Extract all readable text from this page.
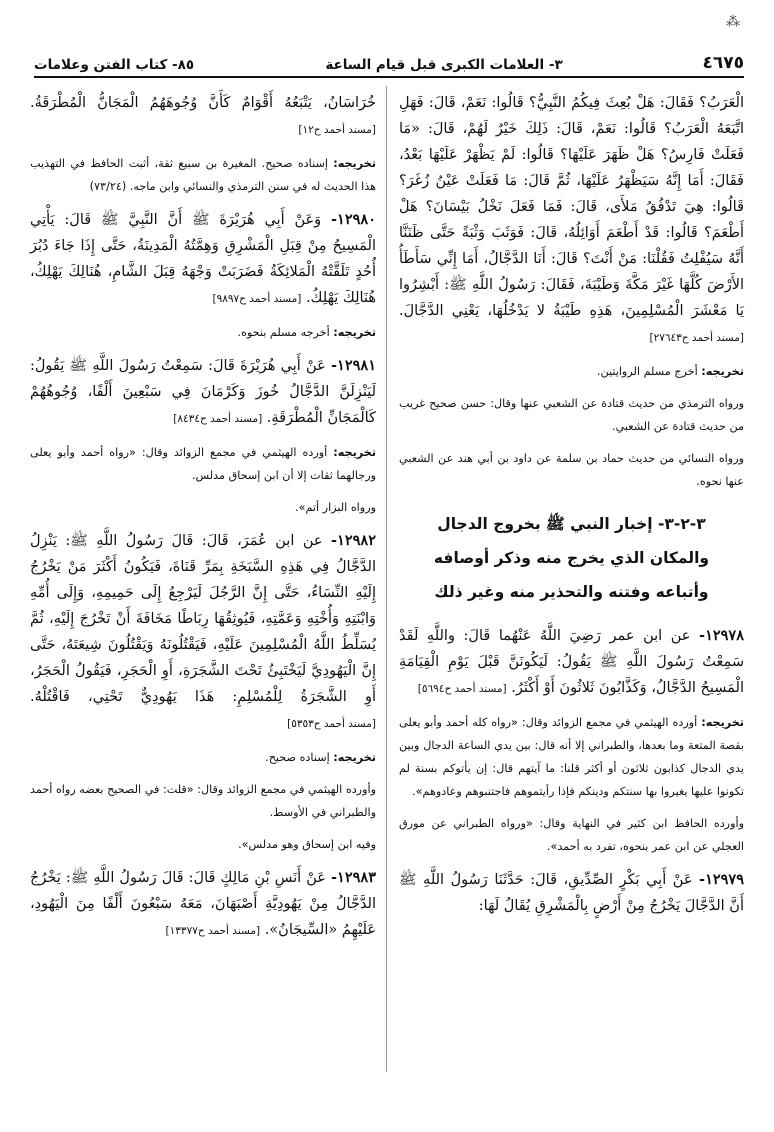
⁂
٤٦٧٥
٣- العلامات الكبرى قبل قيام الساعة
٨٥- كتاب الفتن وعلامات

الْعَرَبُ؟ فَقَالَ: هَلْ بُعِثَ فِيكُمُ النَّبِيُّ؟ قَالُوا: نَعَمْ، قَالَ: فَهَلِ اتَّبَعَهُ الْعَرَبُ؟ قَالُوا: نَعَمْ، قَالَ: ذَلِكَ خَيْرٌ لَهُمْ، قَالَ: «مَا فَعَلَتْ فَارِسُ؟ هَلْ ظَهَرَ عَلَيْهَا؟ قَالُوا: لَمْ يَظْهَرْ عَلَيْهَا بَعْدُ، فَقَالَ: أَمَا إِنَّهُ سَيَظْهَرُ عَلَيْهَا، ثُمَّ قَالَ: مَا فَعَلَتْ عَيْنُ زُغَرَ؟ قَالُوا: هِيَ تَدْفُقُ مَلأَى، قَالَ: فَمَا فَعَلَ نَخْلُ بَيْسَانَ؟ هَلْ أَطْعَمَ؟ قَالُوا: قَدْ أَطْعَمَ أَوَائِلُهُ، قَالَ: فَوَثَبَ وَثْبَةً حَتَّى ظَنَنَّا أَنَّهُ سَيُفْلِتُ فَقُلْنَا: مَنْ أَنْتَ؟ قَالَ: أَنَا الدَّجَّالُ، أَمَا إِنِّي سَأَطَأُ الأَرْضَ كُلَّهَا غَيْرَ مَكَّةَ وَطَيْبَةَ، فَقَالَ: رَسُولُ اللَّهِ ﷺ: أَبْشِرُوا يَا مَعْشَرَ الْمُسْلِمِينَ، هَذِهِ طَيْبَةُ لا يَدْخُلُهَا، يَعْنِي الدَّجَّالَ. [مسند أحمد ح٢٧٦٤٣]

تخريجه: أخرج مسلم الروايتين.

ورواه الترمذي من حديث قتادة عن الشعبي عنها وقال: حسن صحيح غريب من حديث قتادة عن الشعبي.

ورواه النسائي من حديث حماد بن سلمة عن داود بن أبي هند عن الشعبي عنها نحوه.

٣-٢-٣- إخبار النبي ﷺ بخروج الدجال
والمكان الذي يخرج منه وذكر أوصافه
وأتباعه وفتنه والتحذير منه وغير ذلك

١٢٩٧٨- عن ابن عمر رَضِيَ اللَّهُ عَنْهُما قَالَ: واللَّهِ لَقَدْ سَمِعْتُ رَسُولَ اللَّهِ ﷺ يَقُولُ: لَيَكُونَنَّ قَبْلَ يَوْمِ الْقِيَامَةِ الْمَسِيحُ الدَّجَّالُ، وَكَذَّابُونَ ثَلاثُونَ أَوْ أَكْثَرُ. [مسند أحمد ح٥٦٩٤]

تخريجه: أورده الهيثمي في مجمع الزوائد وقال: «رواه كله أحمد وأبو يعلى بقصة المتعة وما بعدها، والطبراني إلا أنه قال: بين يدي الساعة الدجال وبين يدي الدجال كذابون ثلاثون أو أكثر قلنا: ما آيتهم قال: إن يأتوكم بسنة لم تكونوا عليها يغيروا بها سنتكم ودينكم فإذا رأيتموهم فاجتنبوهم وعادوهم».

وأورده الحافظ ابن كثير في النهاية وقال: «ورواه الطبراني عن مورق العجلي عن ابن عمر بنحوه، تفرد به أحمد».

١٢٩٧٩- عَنْ أَبِي بَكْرٍ الصِّدِّيقِ، قَالَ: حَدَّثَنَا رَسُولُ اللَّهِ ﷺ أَنَّ الدَّجَّالَ يَخْرُجُ مِنْ أَرْضٍ بِالْمَشْرِقِ يُقَالُ لَهَا:

خُرَاسَانُ، يَتْبَعُهُ أَقْوَامٌ كَأَنَّ وُجُوهَهُمُ الْمَجَانُّ الْمُطْرَقَةُ. [مسند أحمد ح١٢]

تخريجه: إسناده صحيح. المغيرة بن سبيع ثقة، أثبت الحافظ في التهذيب هذا الحديث له في سنن الترمذي والنسائي وابن ماجه. (٧٣/٢٤)

١٢٩٨٠- وَعَنْ أَبِي هُرَيْرَةَ ﷺ أَنَّ النَّبِيَّ ﷺ قَالَ: يَأْتِي الْمَسِيحُ مِنْ قِبَلِ الْمَشْرِقِ وَهِمَّتُهُ الْمَدِينَةُ، حَتَّى إِذَا جَاءَ دُبُرَ أُحُدٍ تَلَقَّتْهُ الْمَلائِكَةُ فَضَرَبَتْ وَجْهَهُ قِبَلَ الشَّامِ، هُنَالِكَ يَهْلِكُ، هُنَالِكَ يَهْلِكُ. [مسند أحمد ح٩٨٩٧]

تخريجه: أخرجه مسلم بنحوه.

١٢٩٨١- عَنْ أَبِي هُرَيْرَةَ قَالَ: سَمِعْتُ رَسُولَ اللَّهِ ﷺ يَقُولُ: لَيَنْزِلَنَّ الدَّجَّالُ خُوزَ وَكَرْمَانَ فِي سَبْعِينَ أَلْفًا، وُجُوهُهُمْ كَالْمَجَانِّ الْمُطْرَقَةِ. [مسند أحمد ح٨٤٣٤]

تخريجه: أورده الهيثمي في مجمع الزوائد وقال: «رواه أحمد وأبو يعلى ورجالهما ثقات إلا أن ابن إسحاق مدلس.

ورواه البزار أتم».

١٢٩٨٢- عن ابن عُمَرَ، قَالَ: قَالَ رَسُولُ اللَّهِ ﷺ: يَنْزِلُ الدَّجَّالُ فِي هَذِهِ السَّبَخَةِ بِمَرِّ قَنَاةَ، فَيَكُونُ أَكْثَرَ مَنْ يَخْرُجُ إِلَيْهِ النِّسَاءُ، حَتَّى إِنَّ الرَّجُلَ لَيَرْجِعُ إِلَى حَمِيمِهِ، وَإِلَى أُمِّهِ وَابْنَتِهِ وَأُخْتِهِ وَعَمَّتِهِ، فَيُوثِقُهَا رِبَاطًا مَخَافَةَ أَنْ تَخْرُجَ إِلَيْهِ، ثُمَّ يُسَلِّطُ اللَّهُ الْمُسْلِمِينَ عَلَيْهِ، فَيَقْتُلُونَهُ وَيَقْتُلُونَ شِيعَتَهُ، حَتَّى إِنَّ الْيَهُودِيَّ لَيَخْتَبِئُ تَحْتَ الشَّجَرَةِ، أَوِ الْحَجَرِ، فَيَقُولُ الْحَجَرُ، أَوِ الشَّجَرَةُ لِلْمُسْلِمِ: هَذَا يَهُودِيٌّ تَحْتِي، فَاقْتُلْهُ. [مسند أحمد ح٥٣٥٣]

تخريجه: إسناده صحيح.

وأورده الهيثمي في مجمع الزوائد وقال: «قلت: في الصحيح بعضه رواه أحمد والطبراني في الأوسط.

وفيه ابن إسحاق وهو مدلس».

١٢٩٨٣- عَنْ أَنَسِ بْنِ مَالِكٍ قَالَ: قَالَ رَسُولُ اللَّهِ ﷺ: يَخْرُجُ الدَّجَّالُ مِنْ يَهُودِيَّةِ أَصْبَهَانَ، مَعَهُ سَبْعُونَ أَلْفًا مِنَ الْيَهُودِ، عَلَيْهِمُ «السِّيجَانُ». [مسند أحمد ح١٣٣٧٧]
